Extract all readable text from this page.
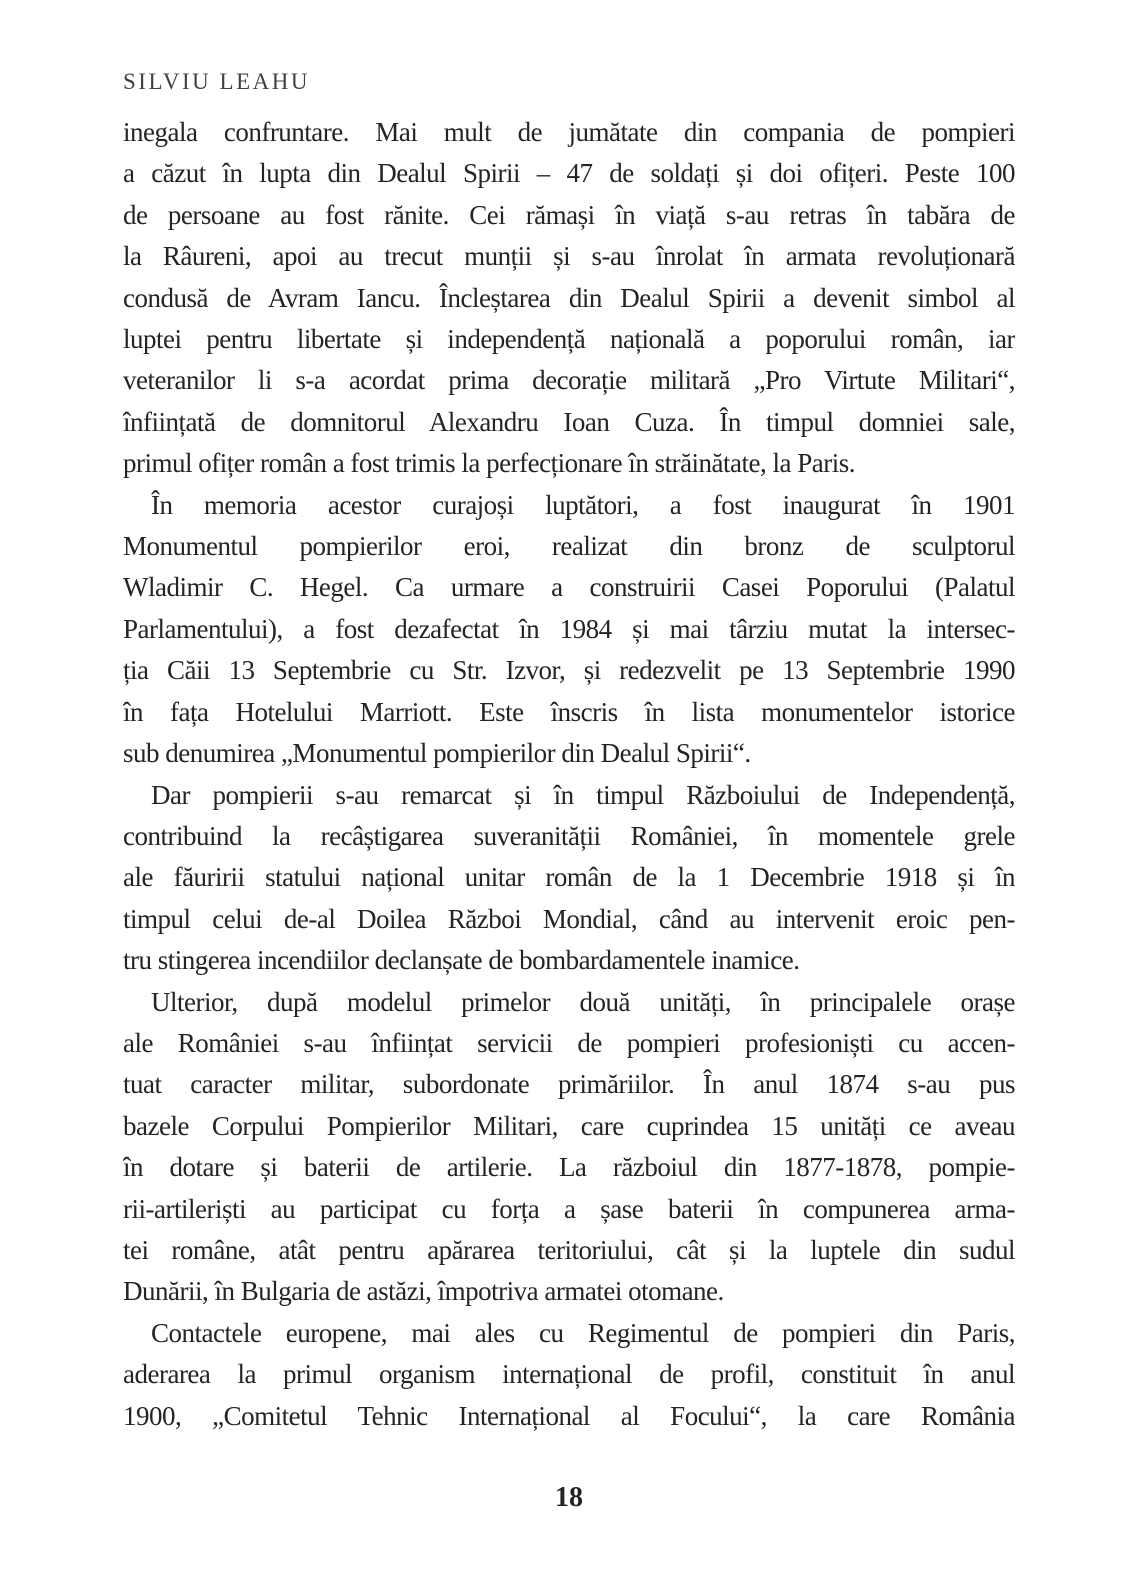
SILVIU LEAHU
inegala confruntare. Mai mult de jumătate din compania de pompieri
a căzut în lupta din Dealul Spirii – 47 de soldați și doi ofițeri. Peste 100
de persoane au fost rănite. Cei rămași în viață s-au retras în tabăra de
la Râureni, apoi au trecut munții și s-au înrolat în armata revoluționară
condusă de Avram Iancu. Încleștarea din Dealul Spirii a devenit simbol al
luptei pentru libertate și independență națională a poporului român, iar
veteranilor li s-a acordat prima decorație militară „Pro Virtute Militari“,
înființată de domnitorul Alexandru Ioan Cuza. În timpul domniei sale,
primul ofițer român a fost trimis la perfecționare în străinătate, la Paris.
În memoria acestor curajoși luptători, a fost inaugurat în 1901
Monumentul pompierilor eroi, realizat din bronz de sculptorul
Wladimir C. Hegel. Ca urmare a construirii Casei Poporului (Palatul
Parlamentului), a fost dezafectat în 1984 și mai târziu mutat la intersec-
ția Căii 13 Septembrie cu Str. Izvor, și redezvelit pe 13 Septembrie 1990
în fața Hotelului Marriott. Este înscris în lista monumentelor istorice
sub denumirea „Monumentul pompierilor din Dealul Spirii“.
Dar pompierii s-au remarcat și în timpul Războiului de Independență,
contribuind la recâștigarea suveranității României, în momentele grele
ale făuririi statului național unitar român de la 1 Decembrie 1918 și în
timpul celui de-al Doilea Război Mondial, când au intervenit eroic pen-
tru stingerea incendiilor declanșate de bombardamentele inamice.
Ulterior, după modelul primelor două unități, în principalele orașe
ale României s-au înființat servicii de pompieri profesioniști cu accen-
tuat caracter militar, subordonate primăriilor. În anul 1874 s-au pus
bazele Corpului Pompierilor Militari, care cuprindea 15 unități ce aveau
în dotare și baterii de artilerie. La războiul din 1877-1878, pompie-
rii-artileriști au participat cu forța a șase baterii în compunerea arma-
tei române, atât pentru apărarea teritoriului, cât și la luptele din sudul
Dunării, în Bulgaria de astăzi, împotriva armatei otomane.
Contactele europene, mai ales cu Regimentul de pompieri din Paris,
aderarea la primul organism internațional de profil, constituit în anul
1900, „Comitetul Tehnic Internațional al Focului“, la care România
18
